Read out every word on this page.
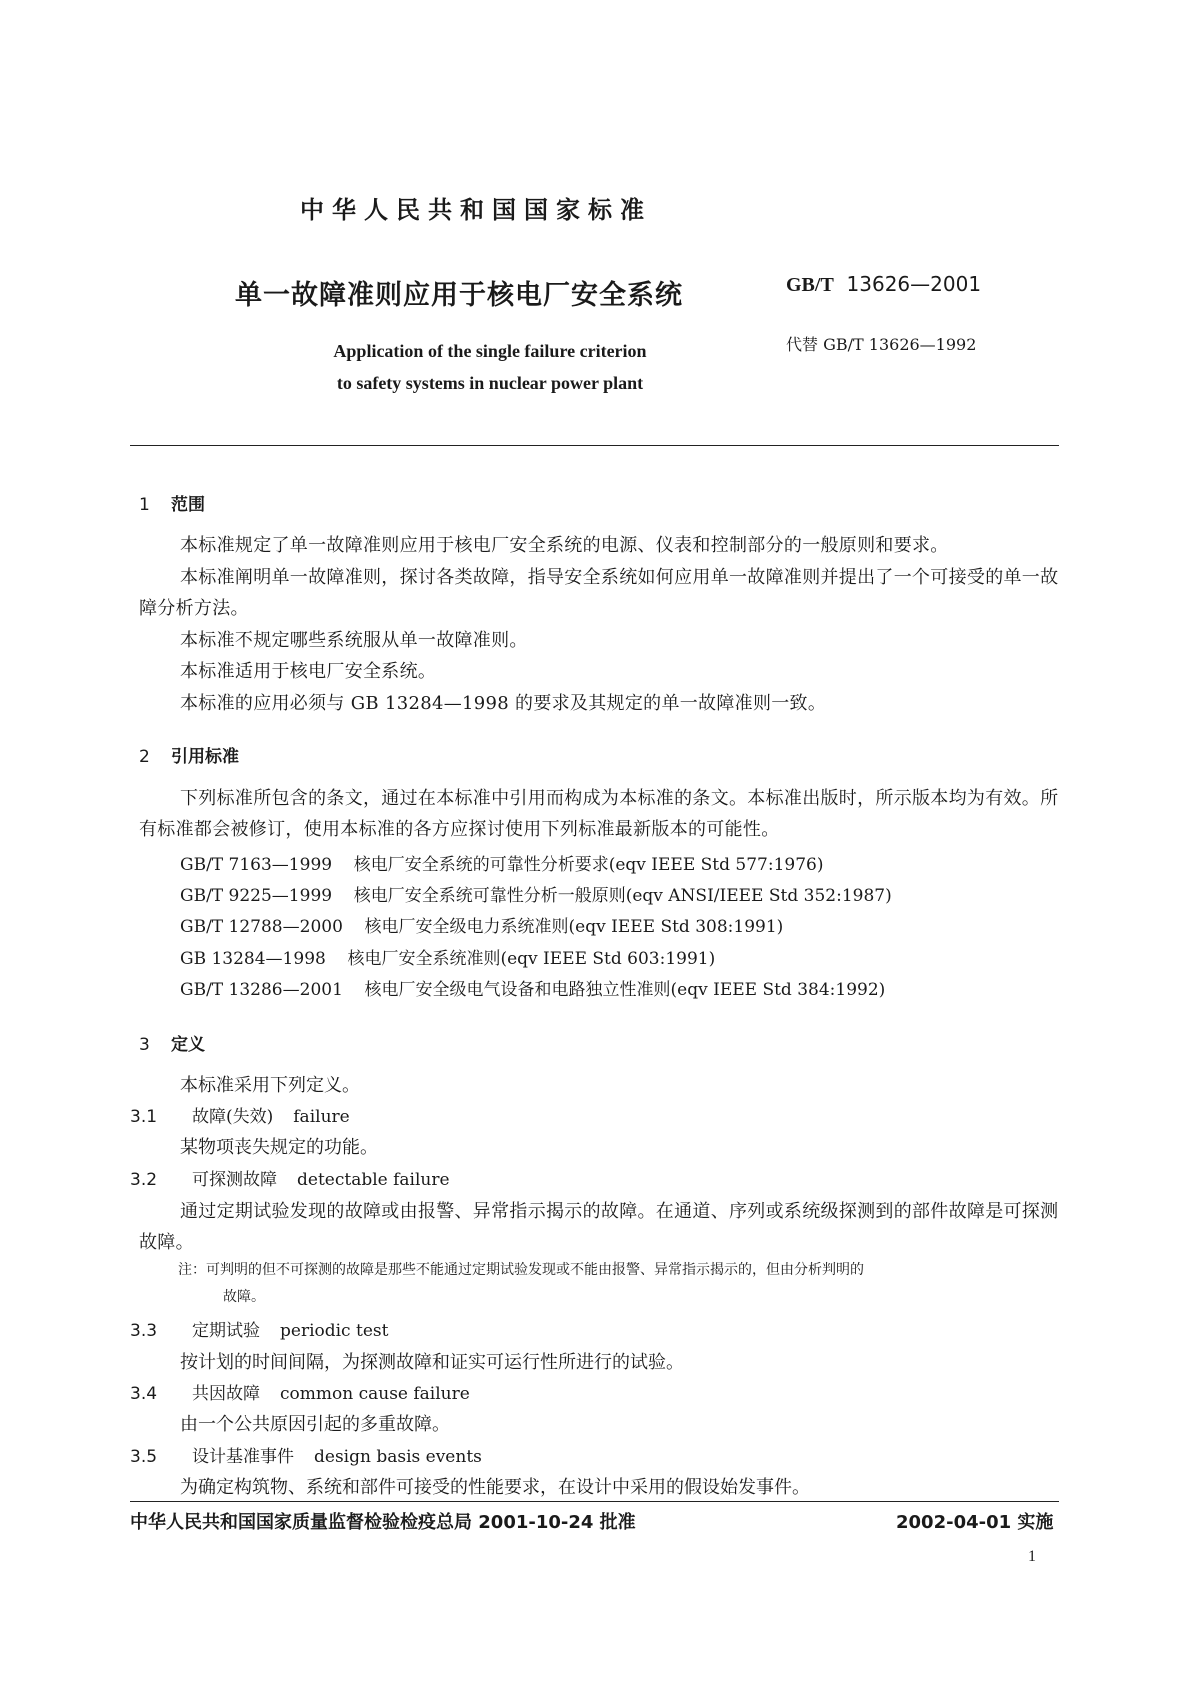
中华人民共和国国家标准
单一故障准则应用于核电厂安全系统	GB/T 13626—2001
代替 GB/T 13626—1992
Application of the single failure criterion
to safety systems in nuclear power plant
1 范围
本标准规定了单一故障准则应用于核电厂安全系统的电源、仪表和控制部分的一般原则和要求。
本标准阐明单一故障准则，探讨各类故障，指导安全系统如何应用单一故障准则并提出了一个可接受的单一故障分析方法。
本标准不规定哪些系统服从单一故障准则。
本标准适用于核电厂安全系统。
本标准的应用必须与 GB 13284—1998 的要求及其规定的单一故障准则一致。
2 引用标准
下列标准所包含的条文，通过在本标准中引用而构成为本标准的条文。本标准出版时，所示版本均为有效。所有标准都会被修订，使用本标准的各方应探讨使用下列标准最新版本的可能性。
GB/T 7163—1999 核电厂安全系统的可靠性分析要求(eqv IEEE Std 577:1976)
GB/T 9225—1999 核电厂安全系统可靠性分析一般原则(eqv ANSI/IEEE Std 352:1987)
GB/T 12788—2000 核电厂安全级电力系统准则(eqv IEEE Std 308:1991)
GB 13284—1998 核电厂安全系统准则(eqv IEEE Std 603:1991)
GB/T 13286—2001 核电厂安全级电气设备和电路独立性准则(eqv IEEE Std 384:1992)
3 定义
本标准采用下列定义。
3.1 故障(失效) failure
某物项丧失规定的功能。
3.2 可探测故障 detectable failure
通过定期试验发现的故障或由报警、异常指示揭示的故障。在通道、序列或系统级探测到的部件故障是可探测故障。
注：可判明的但不可探测的故障是那些不能通过定期试验发现或不能由报警、异常指示揭示的，但由分析判明的
故障。
3.3 定期试验 periodic test
按计划的时间间隔，为探测故障和证实可运行性所进行的试验。
3.4 共因故障 common cause failure
由一个公共原因引起的多重故障。
3.5 设计基准事件 design basis events
为确定构筑物、系统和部件可接受的性能要求，在设计中采用的假设始发事件。
中华人民共和国国家质量监督检验检疫总局 2001-10-24 批准	2002-04-01 实施
1
